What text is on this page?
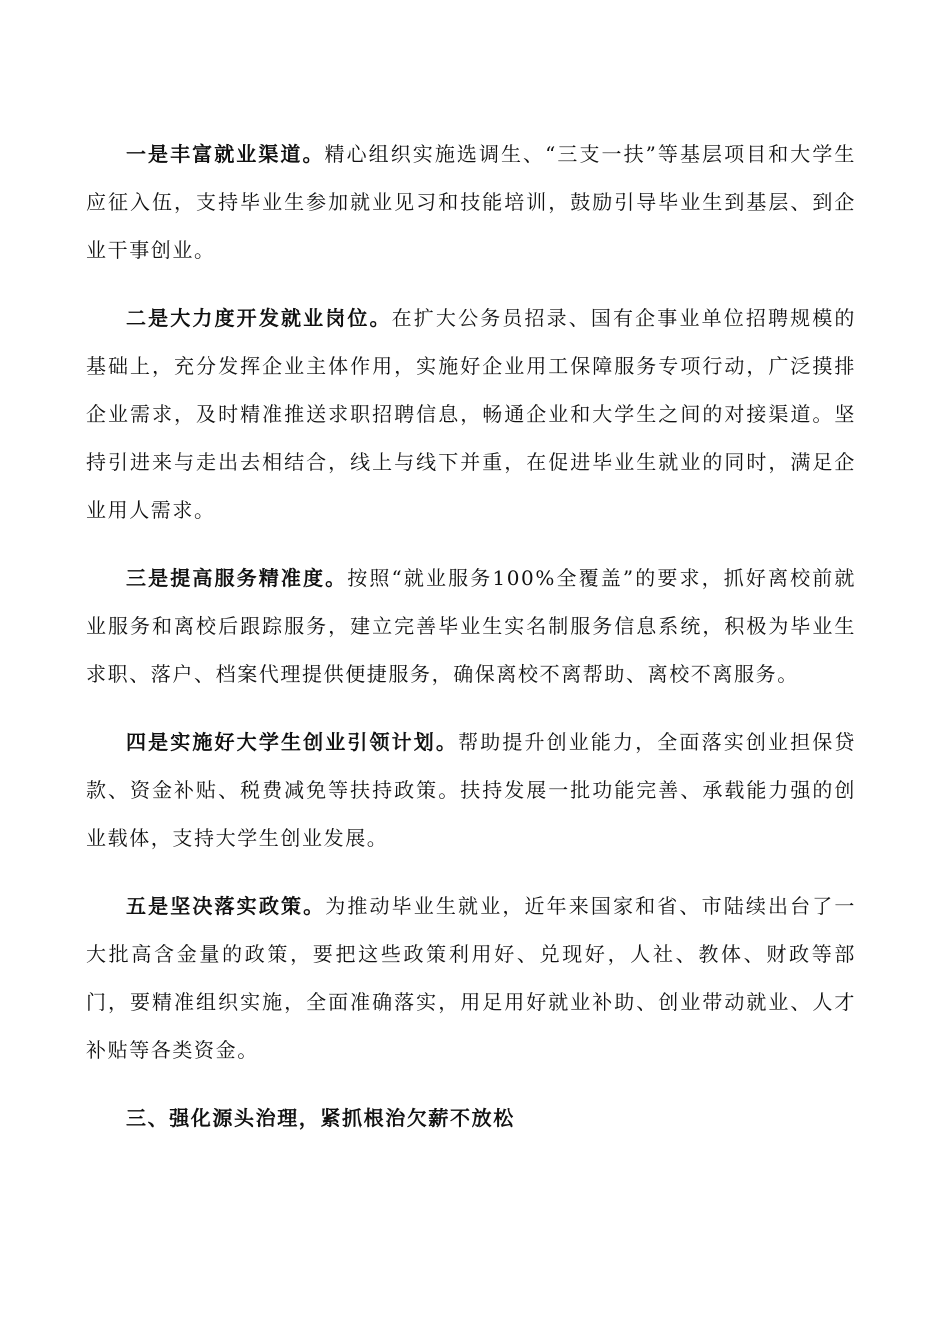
一是丰富就业渠道。精心组织实施选调生、“三支一扶”等基层项目和大学生应征入伍，支持毕业生参加就业见习和技能培训，鼓励引导毕业生到基层、到企业干事创业。

二是大力度开发就业岗位。在扩大公务员招录、国有企事业单位招聘规模的基础上，充分发挥企业主体作用，实施好企业用工保障服务专项行动，广泛摸排企业需求，及时精准推送求职招聘信息，畅通企业和大学生之间的对接渠道。坚持引进来与走出去相结合，线上与线下并重，在促进毕业生就业的同时，满足企业用人需求。

三是提高服务精准度。按照“就业服务100%全覆盖”的要求，抓好离校前就业服务和离校后跟踪服务，建立完善毕业生实名制服务信息系统，积极为毕业生求职、落户、档案代理提供便捷服务，确保离校不离帮助、离校不离服务。

四是实施好大学生创业引领计划。帮助提升创业能力，全面落实创业担保贷款、资金补贴、税费减免等扶持政策。扶持发展一批功能完善、承载能力强的创业载体，支持大学生创业发展。

五是坚决落实政策。为推动毕业生就业，近年来国家和省、市陆续出台了一大批高含金量的政策，要把这些政策利用好、兑现好，人社、教体、财政等部门，要精准组织实施，全面准确落实，用足用好就业补助、创业带动就业、人才补贴等各类资金。

三、强化源头治理，紧抓根治欠薪不放松
